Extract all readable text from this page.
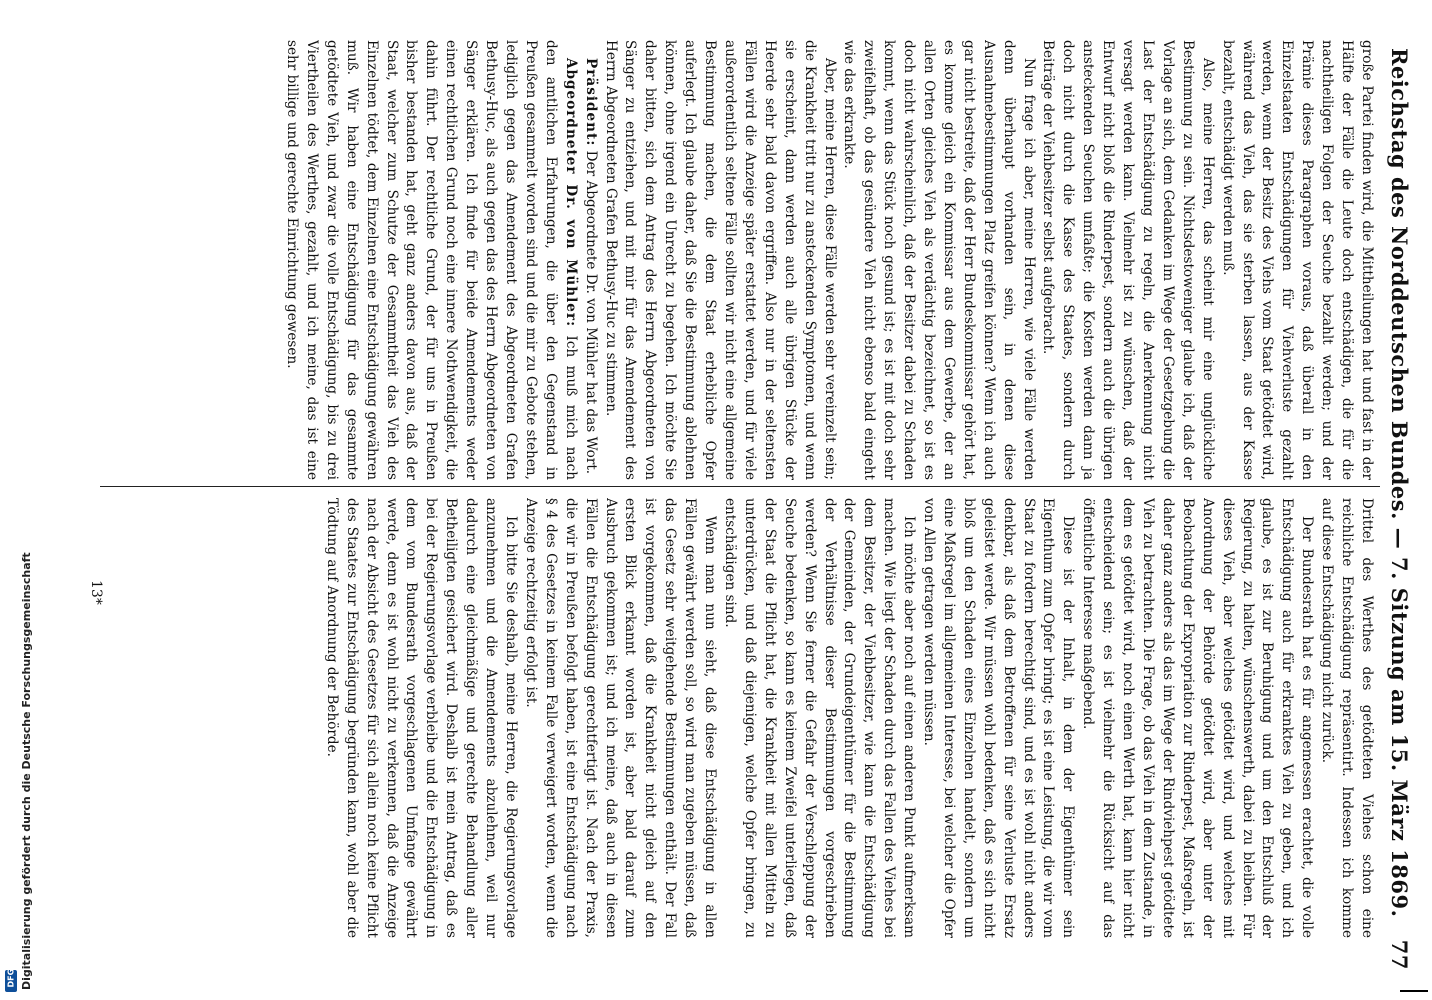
DFG Digitalisierung gefördert durch die Deutsche Forschungsgemeinschaft	Reichstag des Norddeutschen Bundes. — 7. Sitzung am 15. März 1869.
77

große Partei finden wird, die Mittheilungen hat und fast in der Hälfte der Fälle die Leute doch entschädigen, die für die nachtheiligen Folgen der Seuche bezahlt werden; und der Prämie dieses Paragraphen voraus, daß überall in den Einzelstaaten Entschädigungen für Viehverluste gezahlt werden, wenn der Besitz des Viehs vom Staat getödtet wird, während das Vieh, das sie sterben lassen, aus der Kasse bezahlt, entschädigt werden muß.

Also, meine Herren, das scheint mir eine unglückliche Bestimmung zu sein. Nichtsdestoweniger glaube ich, daß der Vorlage an sich, dem Gedanken im Wege der Gesetzgebung die Last der Entschädigung zu regeln, die Anerkennung nicht versagt werden kann. Vielmehr ist zu wünschen, daß der Entwurf nicht bloß die Rinderpest, sondern auch die übrigen ansteckenden Seuchen umfaßte; die Kosten werden dann ja doch nicht durch die Kasse des Staates, sondern durch Beiträge der Viehbesitzer selbst aufgebracht.

Nun frage ich aber, meine Herren, wie viele Fälle werden denn überhaupt vorhanden sein, in denen diese Ausnahmebestimmungen Platz greifen können? Wenn ich auch gar nicht bestreite, daß der Herr Bundeskommissar gehört hat, es komme gleich ein Kommissar aus dem Gewerbe, der an allen Orten gleiches Vieh als verdächtig bezeichnet, so ist es doch nicht wahrscheinlich, daß der Besitzer dabei zu Schaden kommt, wenn das Stück noch gesund ist; es ist mit doch sehr zweifelhaft, ob das gesündere Vieh nicht ebenso bald eingeht wie das erkrankte.

Aber, meine Herren, diese Fälle werden sehr vereinzelt sein; die Krankheit tritt nur zu ansteckenden Symptomen, und wenn sie erscheint, dann werden auch alle übrigen Stücke der Heerde sehr bald davon ergriffen. Also nur in der seltensten Fällen wird die Anzeige später erstattet werden, und für viele außerordentlich seltene Fälle sollten wir nicht eine allgemeine Bestimmung machen, die dem Staat erhebliche Opfer auferlegt. Ich glaube daher, daß Sie die Bestimmung ablehnen können, ohne irgend ein Unrecht zu begehen. Ich möchte Sie daher bitten, sich dem Antrag des Herrn Abgeordneten von Sänger zu entziehen, und mit mir für das Amendement des Herrn Abgeordneten Grafen Bethusy-Huc zu stimmen.

Präsident: Der Abgeordnete Dr. von Mühler hat das Wort.

Abgeordneter Dr. von Mühler: Ich muß mich nach den amtlichen Erfahrungen, die über den Gegenstand in Preußen gesammelt worden sind und die mir zu Gebote stehen, lediglich gegen das Amendement des Abgeordneten Grafen Bethusy-Huc, als auch gegen das des Herrn Abgeordneten von Sänger erklären. Ich finde für beide Amendements weder einen rechtlichen Grund noch eine innere Nothwendigkeit, die dahin führt. Der rechtliche Grund, der für uns in Preußen bisher bestanden hat, geht ganz anders davon aus, daß der Staat, welcher zum Schutze der Gesammtheit das Vieh des Einzelnen tödtet, dem Einzelnen eine Entschädigung gewähren muß. Wir haben eine Entschädigung für das gesammte getödtete Vieh, und zwar die volle Entschädigung, bis zu drei Viertheilen des Werthes, gezahlt, und ich meine, das ist eine sehr billige und gerechte Einrichtung gewesen.

Drittel des Werthes des getödteten Viehes schon eine reichliche Entschädigung repräsentirt. Indessen ich komme auf diese Entschädigung nicht zurück.

Der Bundesrath hat es für angemessen erachtet, die volle Entschädigung auch für erkranktes Vieh zu geben, und ich glaube, es ist zur Beruhigung und um den Entschluß der Regierung, zu halten, wünschenswerth, dabei zu bleiben. Für dieses Vieh, aber welches getödtet wird, und welches mit Anordnung der Behörde getödtet wird, aber unter der Beobachtung der Expropriation zur Rinderpest, Maßregeln, ist daher ganz anders als das im Wege der Rindviehpest getödtete Vieh zu betrachten. Die Frage, ob das Vieh in dem Zustande, in dem es getödtet wird, noch einen Werth hat, kann hier nicht entscheidend sein; es ist vielmehr die Rücksicht auf das öffentliche Interesse maßgebend.

Diese ist der Inhalt, in dem der Eigenthümer sein Eigenthum zum Opfer bringt; es ist eine Leistung, die wir vom Staat zu fordern berechtigt sind, und es ist wohl nicht anders denkbar, als daß dem Betroffenen für seine Verluste Ersatz geleistet werde. Wir müssen wohl bedenken, daß es sich nicht bloß um den Schaden eines Einzelnen handelt, sondern um eine Maßregel im allgemeinen Interesse, bei welcher die Opfer von Allen getragen werden müssen.

Ich möchte aber noch auf einen anderen Punkt aufmerksam machen. Wie liegt der Schaden durch das Fallen des Viehes bei dem Besitzer, der Viehbesitzer, wie kann die Entschädigung der Gemeinden, der Grundeigenthümer für die Bestimmung der Verhältnisse dieser Bestimmungen vorgeschrieben werden? Wenn Sie ferner die Gefahr der Verschleppung der Seuche bedenken, so kann es keinem Zweifel unterliegen, daß der Staat die Pflicht hat, die Krankheit mit allen Mitteln zu unterdrücken, und daß diejenigen, welche Opfer bringen, zu entschädigen sind.

Wenn man nun sieht, daß diese Entschädigung in allen Fällen gewährt werden soll, so wird man zugeben müssen, daß das Gesetz sehr weitgehende Bestimmungen enthält. Der Fall ist vorgekommen, daß die Krankheit nicht gleich auf den ersten Blick erkannt worden ist, aber bald darauf zum Ausbruch gekommen ist; und ich meine, daß auch in diesen Fällen die Entschädigung gerechtfertigt ist. Nach der Praxis, die wir in Preußen befolgt haben, ist eine Entschädigung nach § 4 des Gesetzes in keinem Falle verweigert worden, wenn die Anzeige rechtzeitig erfolgt ist.

Ich bitte Sie deshalb, meine Herren, die Regierungsvorlage anzunehmen und die Amendements abzulehnen, weil nur dadurch eine gleichmäßige und gerechte Behandlung aller Betheiligten gesichert wird. Deshalb ist mein Antrag, daß es bei der Regierungsvorlage verbleibe und die Entschädigung in dem vom Bundesrath vorgeschlagenen Umfange gewährt werde, denn es ist wohl nicht zu verkennen, daß die Anzeige nach der Absicht des Gesetzes für sich allein noch keine Pflicht des Staates zur Entschädigung begründen kann, wohl aber die Tödtung auf Anordnung der Behörde.

13*
